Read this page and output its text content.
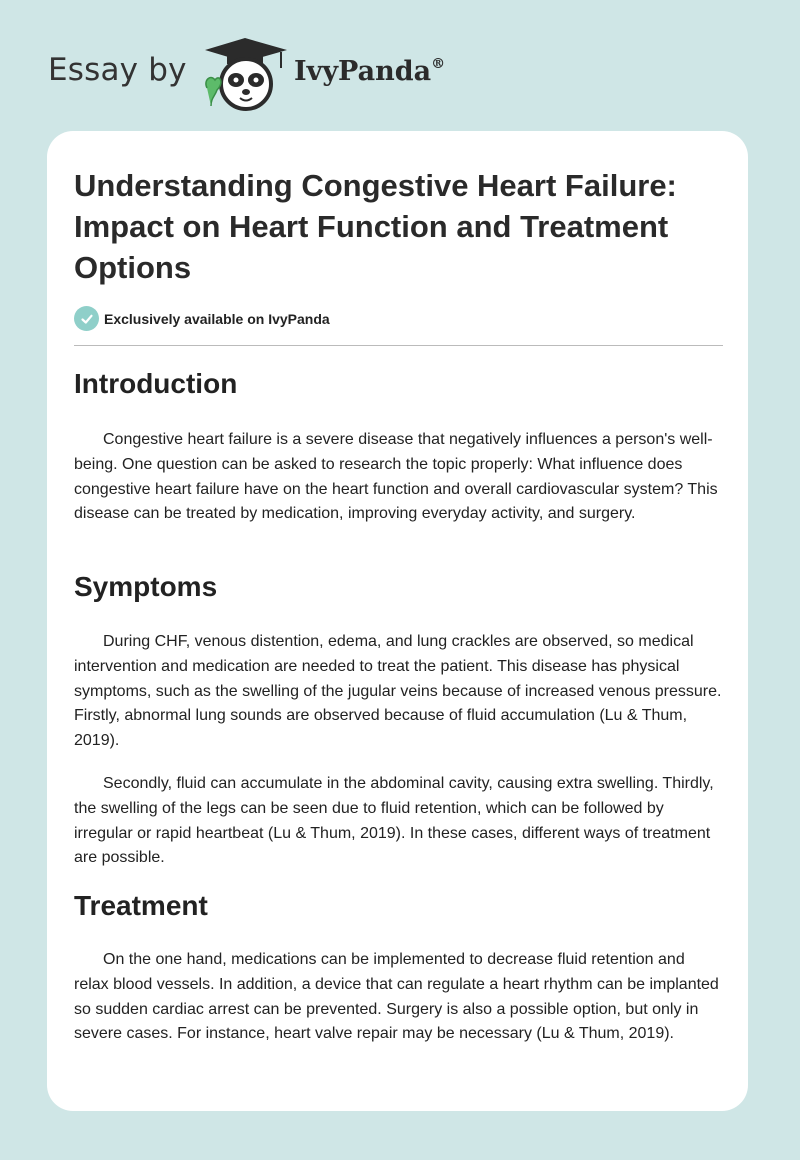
Essay by	IvyPanda®
Understanding Congestive Heart Failure: Impact on Heart Function and Treatment Options
Exclusively available on IvyPanda
Introduction

Congestive heart failure is a severe disease that negatively influences a person's well-being. One question can be asked to research the topic properly: What influence does congestive heart failure have on the heart function and overall cardiovascular system? This disease can be treated by medication, improving everyday activity, and surgery.

Symptoms

During CHF, venous distention, edema, and lung crackles are observed, so medical intervention and medication are needed to treat the patient. This disease has physical symptoms, such as the swelling of the jugular veins because of increased venous pressure. Firstly, abnormal lung sounds are observed because of fluid accumulation (Lu & Thum, 2019).

Secondly, fluid can accumulate in the abdominal cavity, causing extra swelling. Thirdly, the swelling of the legs can be seen due to fluid retention, which can be followed by irregular or rapid heartbeat (Lu & Thum, 2019). In these cases, different ways of treatment are possible.

Treatment

On the one hand, medications can be implemented to decrease fluid retention and relax blood vessels. In addition, a device that can regulate a heart rhythm can be implanted so sudden cardiac arrest can be prevented. Surgery is also a possible option, but only in severe cases. For instance, heart valve repair may be necessary (Lu & Thum, 2019).
